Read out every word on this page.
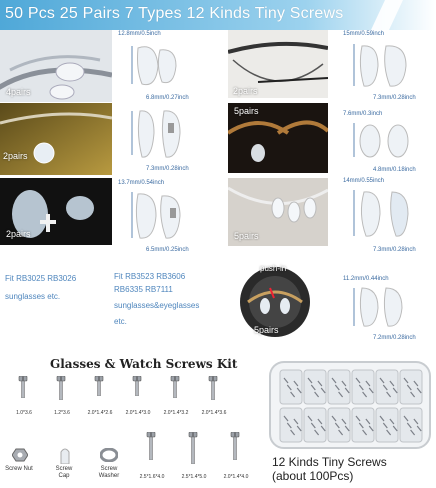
50 Pcs 25 Pairs 7 Types 12 Kinds Tiny Screws
4pairs
2pairs
2pairs
2pairs
5pairs
5pairs
push-in
5pairs
12.8mm/0.5inch
6.8mm/0.27inch
7.3mm/0.28inch
13.7mm/0.54inch
6.5mm/0.25inch
15mm/0.59inch
7.3mm/0.28inch
7.6mm/0.3inch
4.8mm/0.18inch
14mm/0.55inch
7.3mm/0.28inch
11.2mm/0.44inch
7.2mm/0.28inch
Fit RB3025 RB3026
sunglasses etc.
Fit RB3523 RB3606
RB6335 RB7111
sunglasses&eyeglasses
etc.
Glasses & Watch Screws Kit
1.0*3.6	1.2*3.6	2.0*1.4*2.6	2.0*1.4*3.0	2.0*1.4*3.2	2.0*1.4*3.6
2.5*1.6*4.0	2.5*1.4*5.0	2.0*1.4*4.0
Screw Nut	Screw Cap
Screw Washer
12 Kinds Tiny Screws
(about 100Pcs)
